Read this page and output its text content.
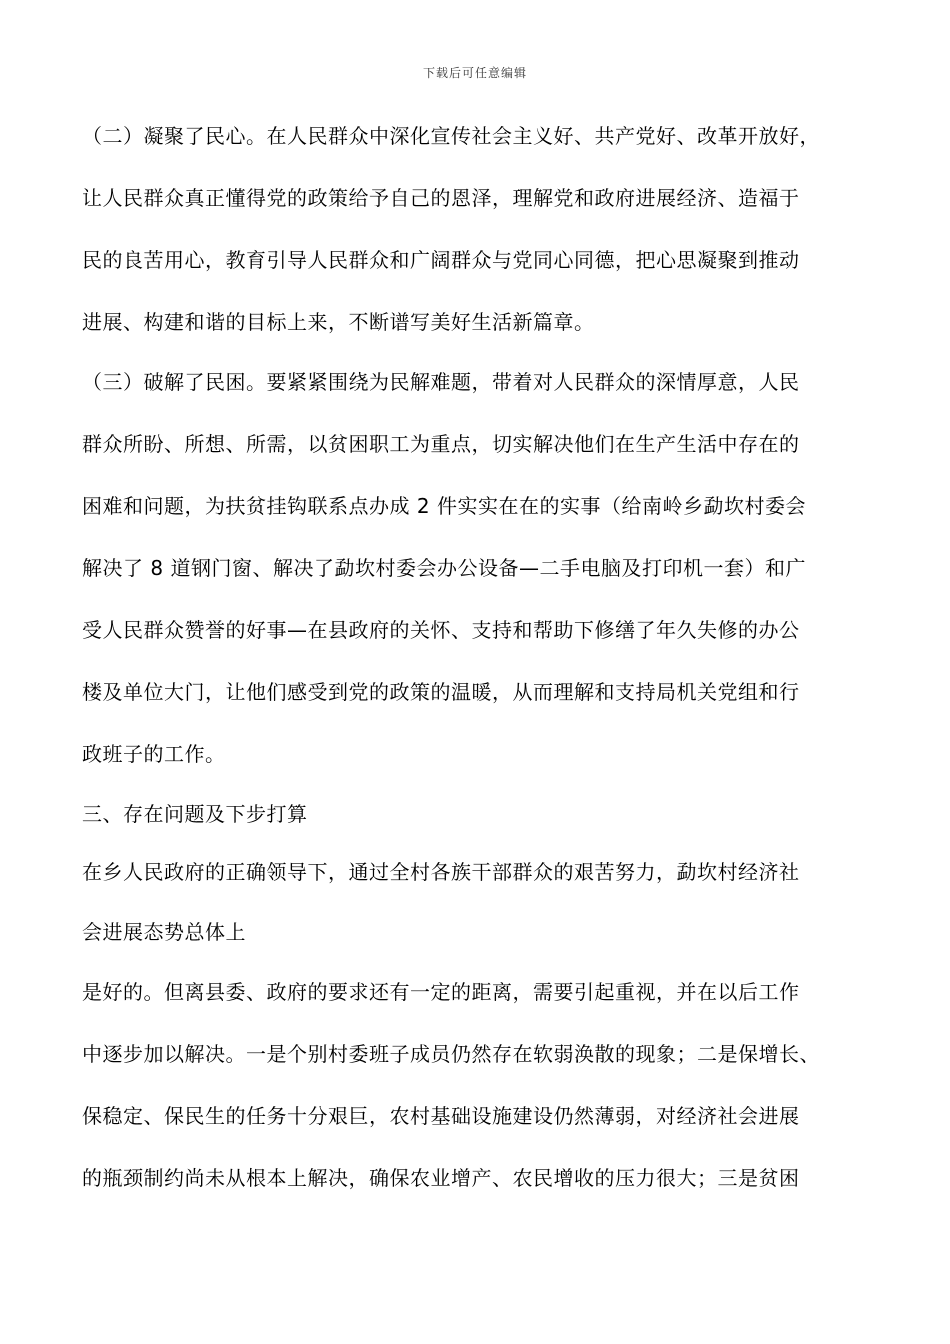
下载后可任意编辑
（二）凝聚了民心。在人民群众中深化宣传社会主义好、共产党好、改革开放好，
让人民群众真正懂得党的政策给予自己的恩泽，理解党和政府进展经济、造福于
民的良苦用心，教育引导人民群众和广阔群众与党同心同德，把心思凝聚到推动
进展、构建和谐的目标上来，不断谱写美好生活新篇章。
（三）破解了民困。要紧紧围绕为民解难题，带着对人民群众的深情厚意，人民
群众所盼、所想、所需，以贫困职工为重点，切实解决他们在生产生活中存在的
困难和问题，为扶贫挂钩联系点办成 2 件实实在在的实事（给南岭乡勐坎村委会
解决了 8 道钢门窗、解决了勐坎村委会办公设备—二手电脑及打印机一套）和广
受人民群众赞誉的好事—在县政府的关怀、支持和帮助下修缮了年久失修的办公
楼及单位大门，让他们感受到党的政策的温暖，从而理解和支持局机关党组和行
政班子的工作。
三、存在问题及下步打算
在乡人民政府的正确领导下，通过全村各族干部群众的艰苦努力，勐坎村经济社
会进展态势总体上
是好的。但离县委、政府的要求还有一定的距离，需要引起重视，并在以后工作
中逐步加以解决。一是个别村委班子成员仍然存在软弱涣散的现象；二是保增长、
保稳定、保民生的任务十分艰巨，农村基础设施建设仍然薄弱，对经济社会进展
的瓶颈制约尚未从根本上解决，确保农业增产、农民增收的压力很大；三是贫困
